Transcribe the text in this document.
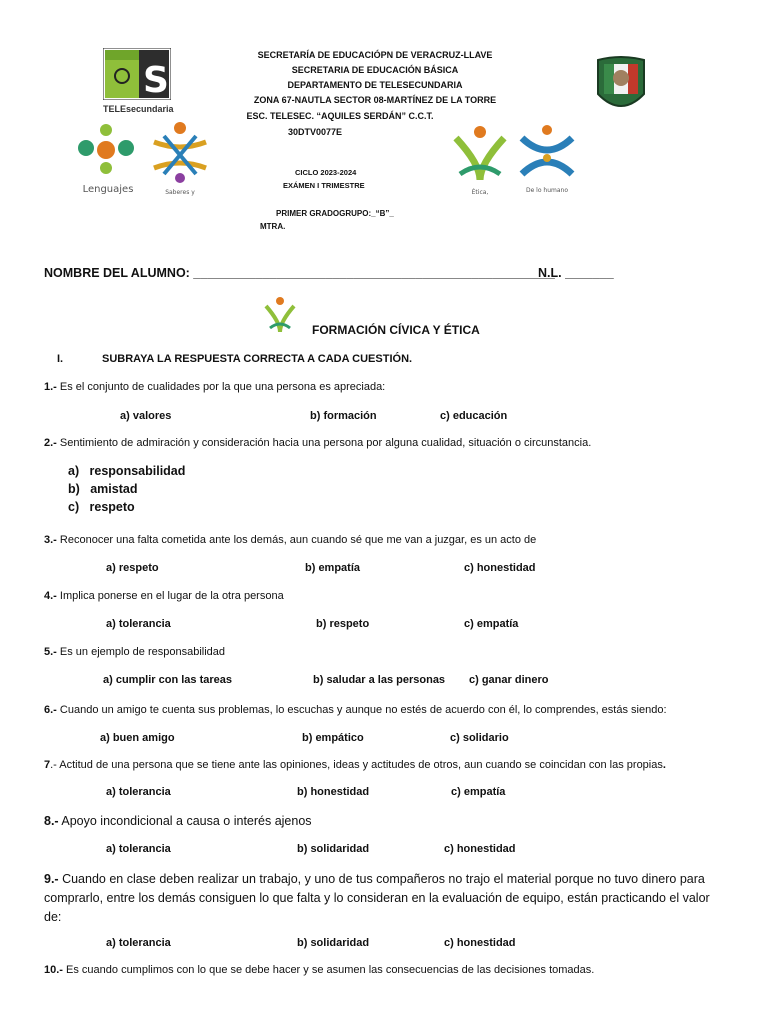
S
TELEsecundaria
Lenguajes	Saberes y
SECRETARÍA DE EDUCACIÓPN DE VERACRUZ-LLAVE
SECRETARIA DE EDUCACIÓN BÁSICA
DEPARTAMENTO DE TELESECUNDARIA
ZONA 67-NAUTLA SECTOR 08-MARTÍNEZ DE LA TORRE
ESC. TELESEC. “AQUILES SERDÁN” C.C.T.
30DTV0077E
CICLO 2023-2024
EXÁMEN I TRIMESTRE
PRIMER GRADOGRUPO:_“B”_
MTRA.
Ética,	De lo humano
NOMBRE DEL ALUMNO: ____________________________________________________
N.L. _______
FORMACIÓN CÍVICA Y ÉTICA
I.	SUBRAYA LA RESPUESTA CORRECTA A CADA CUESTIÓN.
1.- Es el conjunto de cualidades por la que una persona es apreciada:
a) valores	b) formación	c) educación
2.- Sentimiento de admiración y consideración hacia una persona por alguna cualidad, situación o circunstancia.
a)   responsabilidad
b)   amistad
c)   respeto
3.- Reconocer una falta cometida ante los demás, aun cuando sé que me van a juzgar, es un acto de
a) respeto	b) empatía	c) honestidad
4.- Implica ponerse en el lugar de la otra persona
a) tolerancia	b) respeto	c) empatía
5.- Es un ejemplo de responsabilidad
a) cumplir con las tareas	b) saludar a las personas c) ganar dinero
6.- Cuando un amigo te cuenta sus problemas, lo escuchas y aunque no estés de acuerdo con él, lo comprendes, estás siendo:
a) buen amigo	b) empático	c) solidario
7.- Actitud de una persona que se tiene ante las opiniones, ideas y actitudes de otros, aun cuando se coincidan con las propias.
a) tolerancia	b) honestidad	c) empatía
8.- Apoyo incondicional a causa o interés ajenos
a) tolerancia	b) solidaridad	c) honestidad
9.- Cuando en clase deben realizar un trabajo, y uno de tus compañeros no trajo el material porque no tuvo dinero para comprarlo, entre los demás consiguen lo que falta y lo consideran en la evaluación de equipo, están practicando el valor de:
a) tolerancia	b) solidaridad	c) honestidad
10.- Es cuando cumplimos con lo que se debe hacer y se asumen las consecuencias de las decisiones tomadas.
